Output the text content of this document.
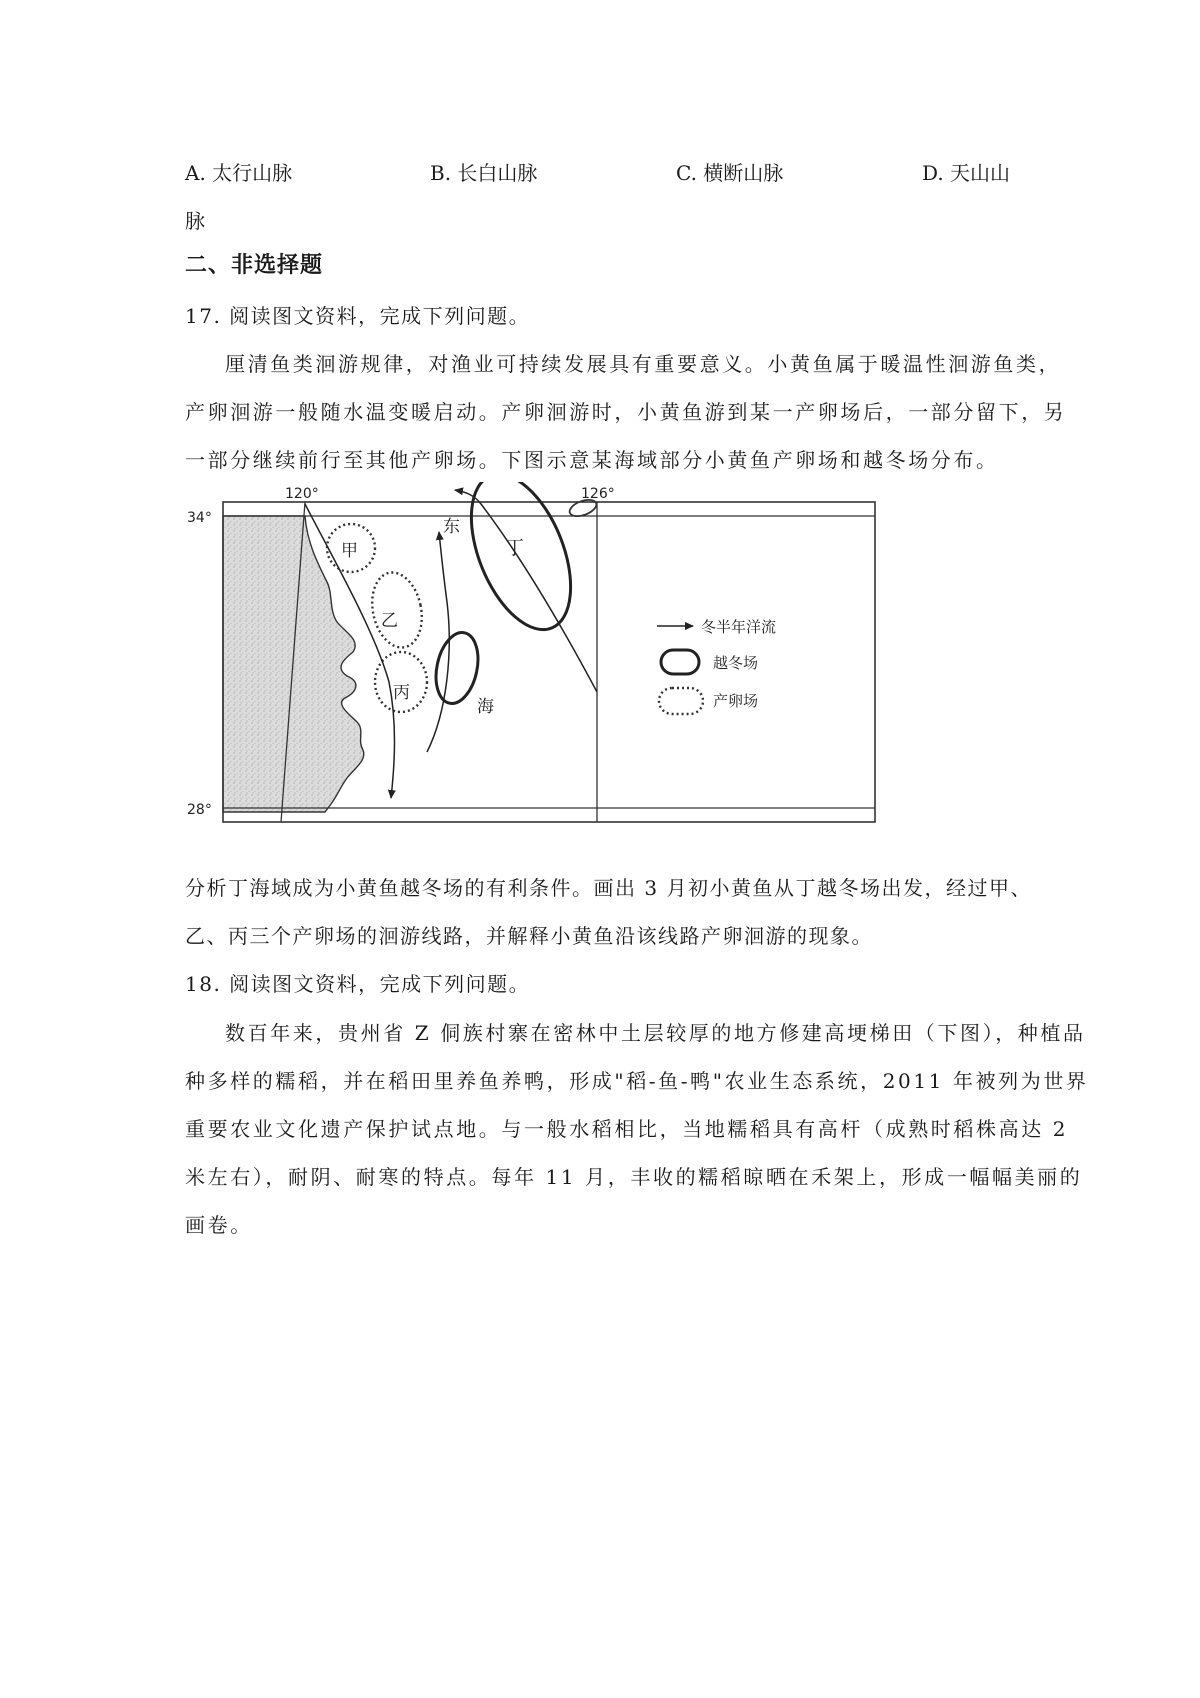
A. 太行山脉	B. 长白山脉	C. 横断山脉	D. 天山山
脉
二、非选择题
17. 阅读图文资料，完成下列问题。
厘清鱼类洄游规律，对渔业可持续发展具有重要意义。小黄鱼属于暖温性洄游鱼类，
产卵洄游一般随水温变暖启动。产卵洄游时，小黄鱼游到某一产卵场后，一部分留下，另
一部分继续前行至其他产卵场。下图示意某海域部分小黄鱼产卵场和越冬场分布。
120°	126°
34°
28°
甲
乙
丙
丁
东
海
冬半年洋流
越冬场
产卵场
分析丁海域成为小黄鱼越冬场的有利条件。画出 3 月初小黄鱼从丁越冬场出发，经过甲、
乙、丙三个产卵场的洄游线路，并解释小黄鱼沿该线路产卵洄游的现象。
18. 阅读图文资料，完成下列问题。
数百年来，贵州省 Z 侗族村寨在密林中土层较厚的地方修建高埂梯田（下图），种植品
种多样的糯稻，并在稻田里养鱼养鸭，形成"稻-鱼-鸭"农业生态系统，2011 年被列为世界
重要农业文化遗产保护试点地。与一般水稻相比，当地糯稻具有高杆（成熟时稻株高达 2
米左右），耐阴、耐寒的特点。每年 11 月，丰收的糯稻晾晒在禾架上，形成一幅幅美丽的
画卷。
